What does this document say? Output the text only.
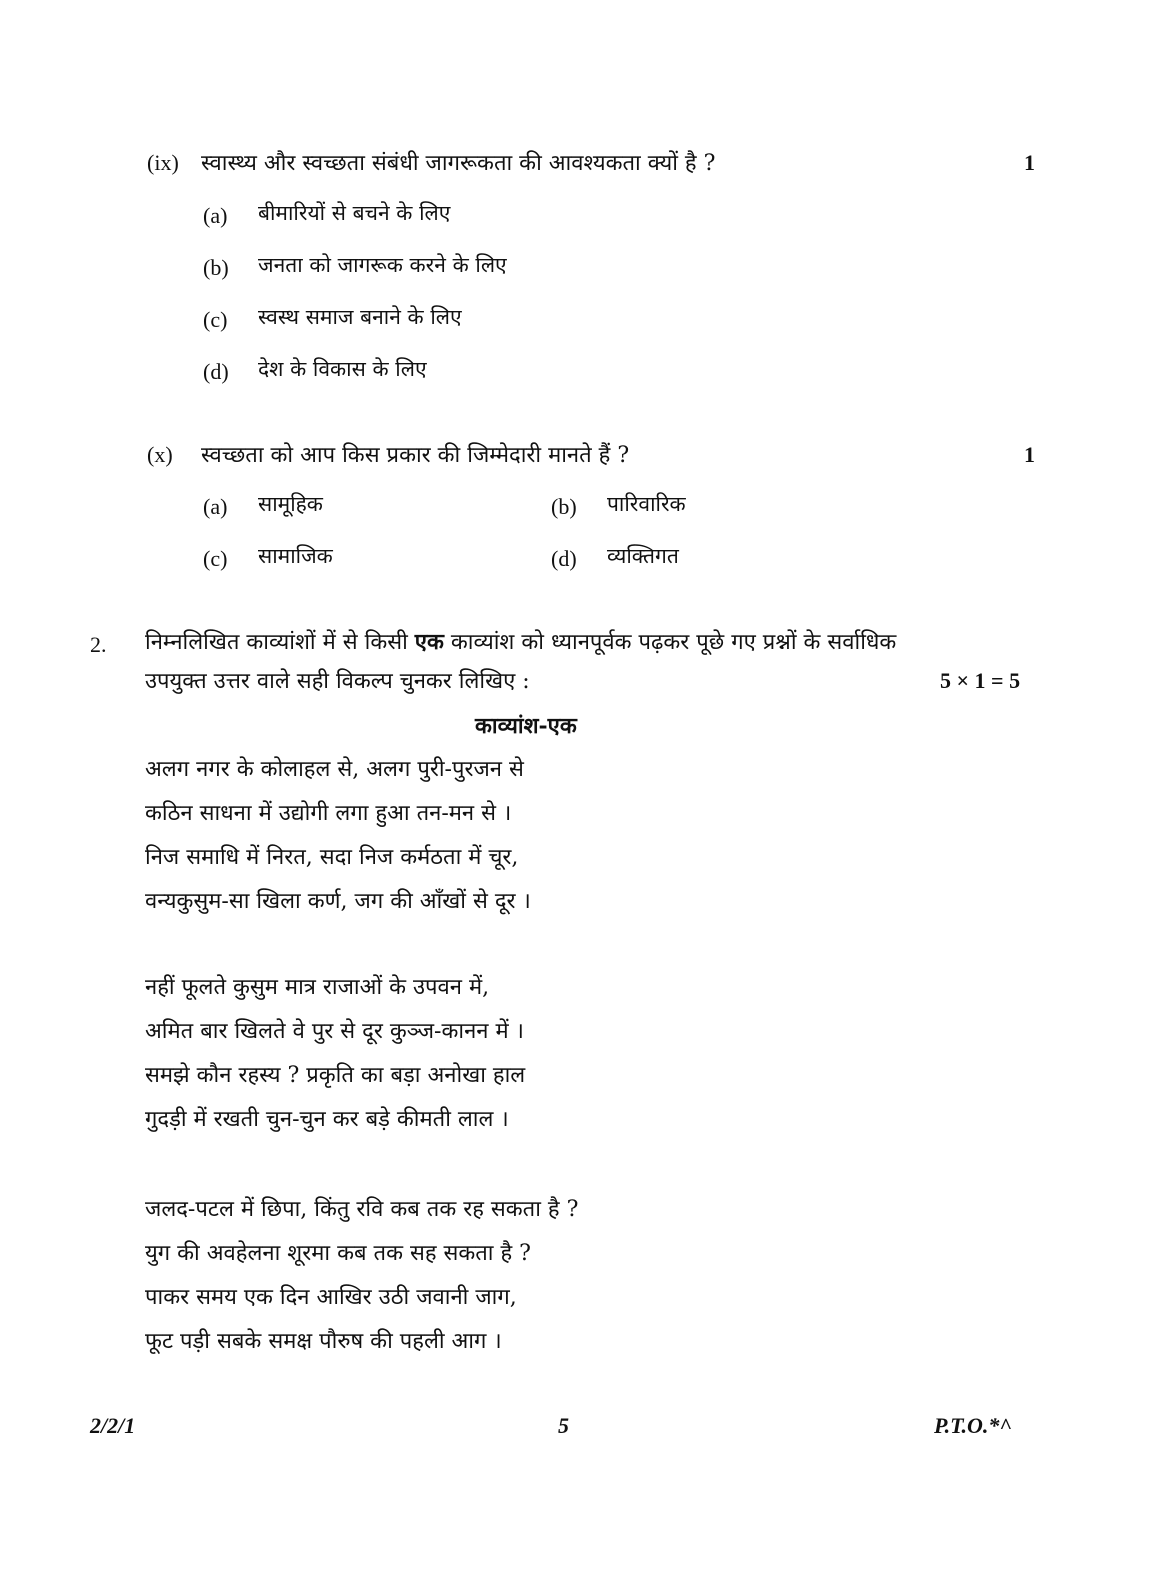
(ix) स्वास्थ्य और स्वच्छता संबंधी जागरूकता की आवश्यकता क्यों है ?	1
(a) बीमारियों से बचने के लिए
(b) जनता को जागरूक करने के लिए
(c) स्वस्थ समाज बनाने के लिए
(d) देश के विकास के लिए
(x) स्वच्छता को आप किस प्रकार की जिम्मेदारी मानते हैं ?	1
(a) सामूहिक	(b) पारिवारिक
(c) सामाजिक	(d) व्यक्तिगत
2. निम्नलिखित काव्यांशों में से किसी एक काव्यांश को ध्यानपूर्वक पढ़कर पूछे गए प्रश्नों के सर्वाधिक
उपयुक्त उत्तर वाले सही विकल्प चुनकर लिखिए :	5 × 1 = 5
काव्यांश-एक
अलग नगर के कोलाहल से, अलग पुरी-पुरजन से
कठिन साधना में उद्योगी लगा हुआ तन-मन से ।
निज समाधि में निरत, सदा निज कर्मठता में चूर,
वन्यकुसुम-सा खिला कर्ण, जग की आँखों से दूर ।
नहीं फूलते कुसुम मात्र राजाओं के उपवन में,
अमित बार खिलते वे पुर से दूर कुञ्ज-कानन में ।
समझे कौन रहस्य ? प्रकृति का बड़ा अनोखा हाल
गुदड़ी में रखती चुन-चुन कर बड़े कीमती लाल ।
जलद-पटल में छिपा, किंतु रवि कब तक रह सकता है ?
युग की अवहेलना शूरमा कब तक सह सकता है ?
पाकर समय एक दिन आखिर उठी जवानी जाग,
फूट पड़ी सबके समक्ष पौरुष की पहली आग ।
2/2/1	5	P.T.O.*^
